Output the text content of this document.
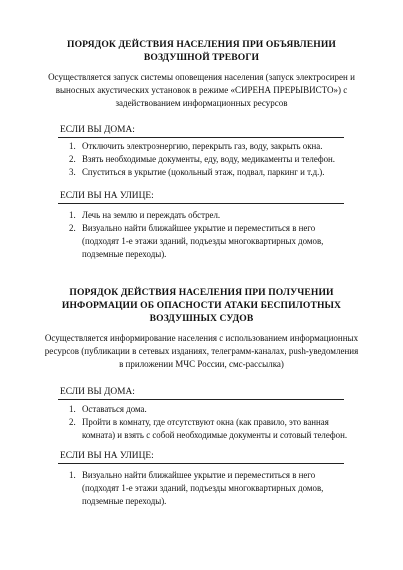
ПОРЯДОК ДЕЙСТВИЯ НАСЕЛЕНИЯ ПРИ ОБЪЯВЛЕНИИ ВОЗДУШНОЙ ТРЕВОГИ
Осуществляется запуск системы оповещения населения (запуск электросирен и выносных акустических установок в режиме «СИРЕНА ПРЕРЫВИСТО») с задействованием информационных ресурсов
ЕСЛИ ВЫ ДОМА:
1. Отключить электроэнергию, перекрыть газ, воду, закрыть окна.
2. Взять необходимые документы, еду, воду, медикаменты и телефон.
3. Спуститься в укрытие (цокольный этаж, подвал, паркинг и т.д.).
ЕСЛИ ВЫ НА УЛИЦЕ:
1. Лечь на землю и переждать обстрел.
2. Визуально найти ближайшее укрытие и переместиться в него (подходят 1-е этажи зданий, подъезды многоквартирных домов, подземные переходы).
ПОРЯДОК ДЕЙСТВИЯ НАСЕЛЕНИЯ ПРИ ПОЛУЧЕНИИ ИНФОРМАЦИИ ОБ ОПАСНОСТИ АТАКИ БЕСПИЛОТНЫХ ВОЗДУШНЫХ СУДОВ
Осуществляется информирование населения с использованием информационных ресурсов (публикации в сетевых изданиях, телеграмм-каналах, push-уведомления в приложении МЧС России, смс-рассылка)
ЕСЛИ ВЫ ДОМА:
1. Оставаться дома.
2. Пройти в комнату, где отсутствуют окна (как правило, это ванная комната) и взять с собой необходимые документы и сотовый телефон.
ЕСЛИ ВЫ НА УЛИЦЕ:
1. Визуально найти ближайшее укрытие и переместиться в него (подходят 1-е этажи зданий, подъезды многоквартирных домов, подземные переходы).
